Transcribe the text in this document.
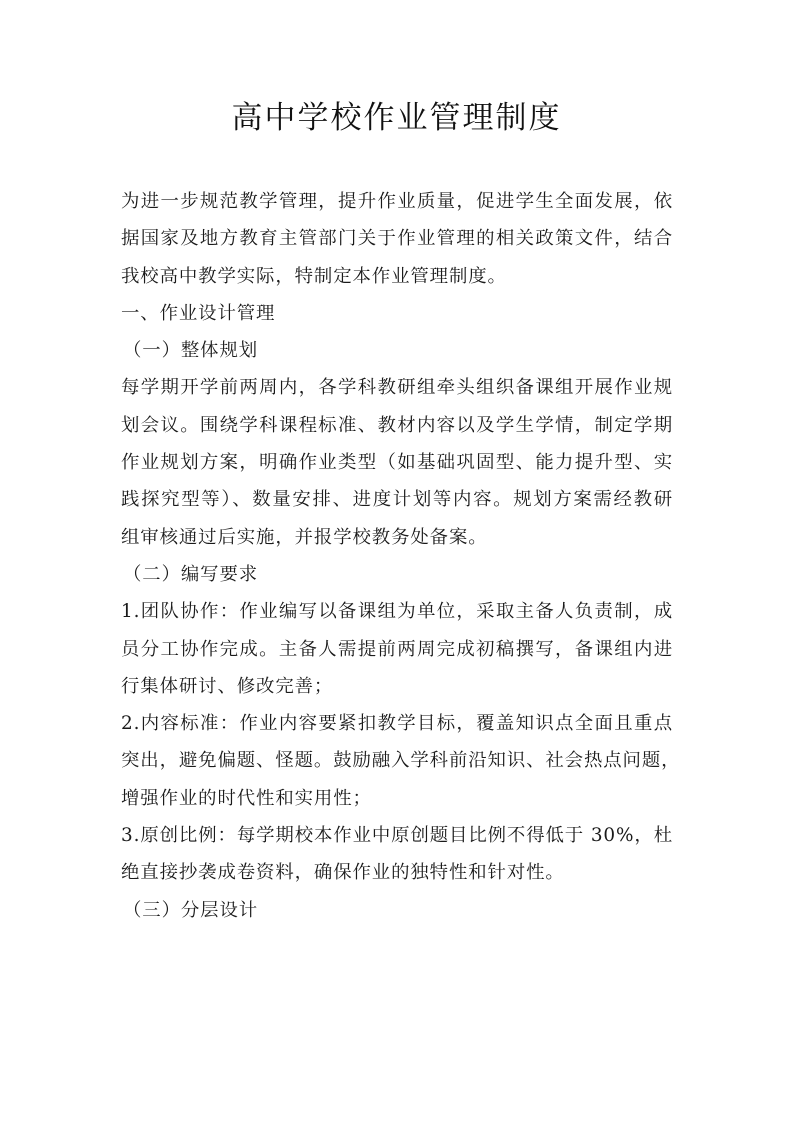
高中学校作业管理制度
为进一步规范教学管理，提升作业质量，促进学生全面发展，依
据国家及地方教育主管部门关于作业管理的相关政策文件，结合
我校高中教学实际，特制定本作业管理制度。
一、作业设计管理
（一）整体规划
每学期开学前两周内，各学科教研组牵头组织备课组开展作业规
划会议。围绕学科课程标准、教材内容以及学生学情，制定学期
作业规划方案，明确作业类型（如基础巩固型、能力提升型、实
践探究型等）、数量安排、进度计划等内容。规划方案需经教研
组审核通过后实施，并报学校教务处备案。
（二）编写要求
1.团队协作：作业编写以备课组为单位，采取主备人负责制，成
员分工协作完成。主备人需提前两周完成初稿撰写，备课组内进
行集体研讨、修改完善；
2.内容标准：作业内容要紧扣教学目标，覆盖知识点全面且重点
突出，避免偏题、怪题。鼓励融入学科前沿知识、社会热点问题，
增强作业的时代性和实用性；
3.原创比例：每学期校本作业中原创题目比例不得低于 30%，杜
绝直接抄袭成卷资料，确保作业的独特性和针对性。
（三）分层设计
